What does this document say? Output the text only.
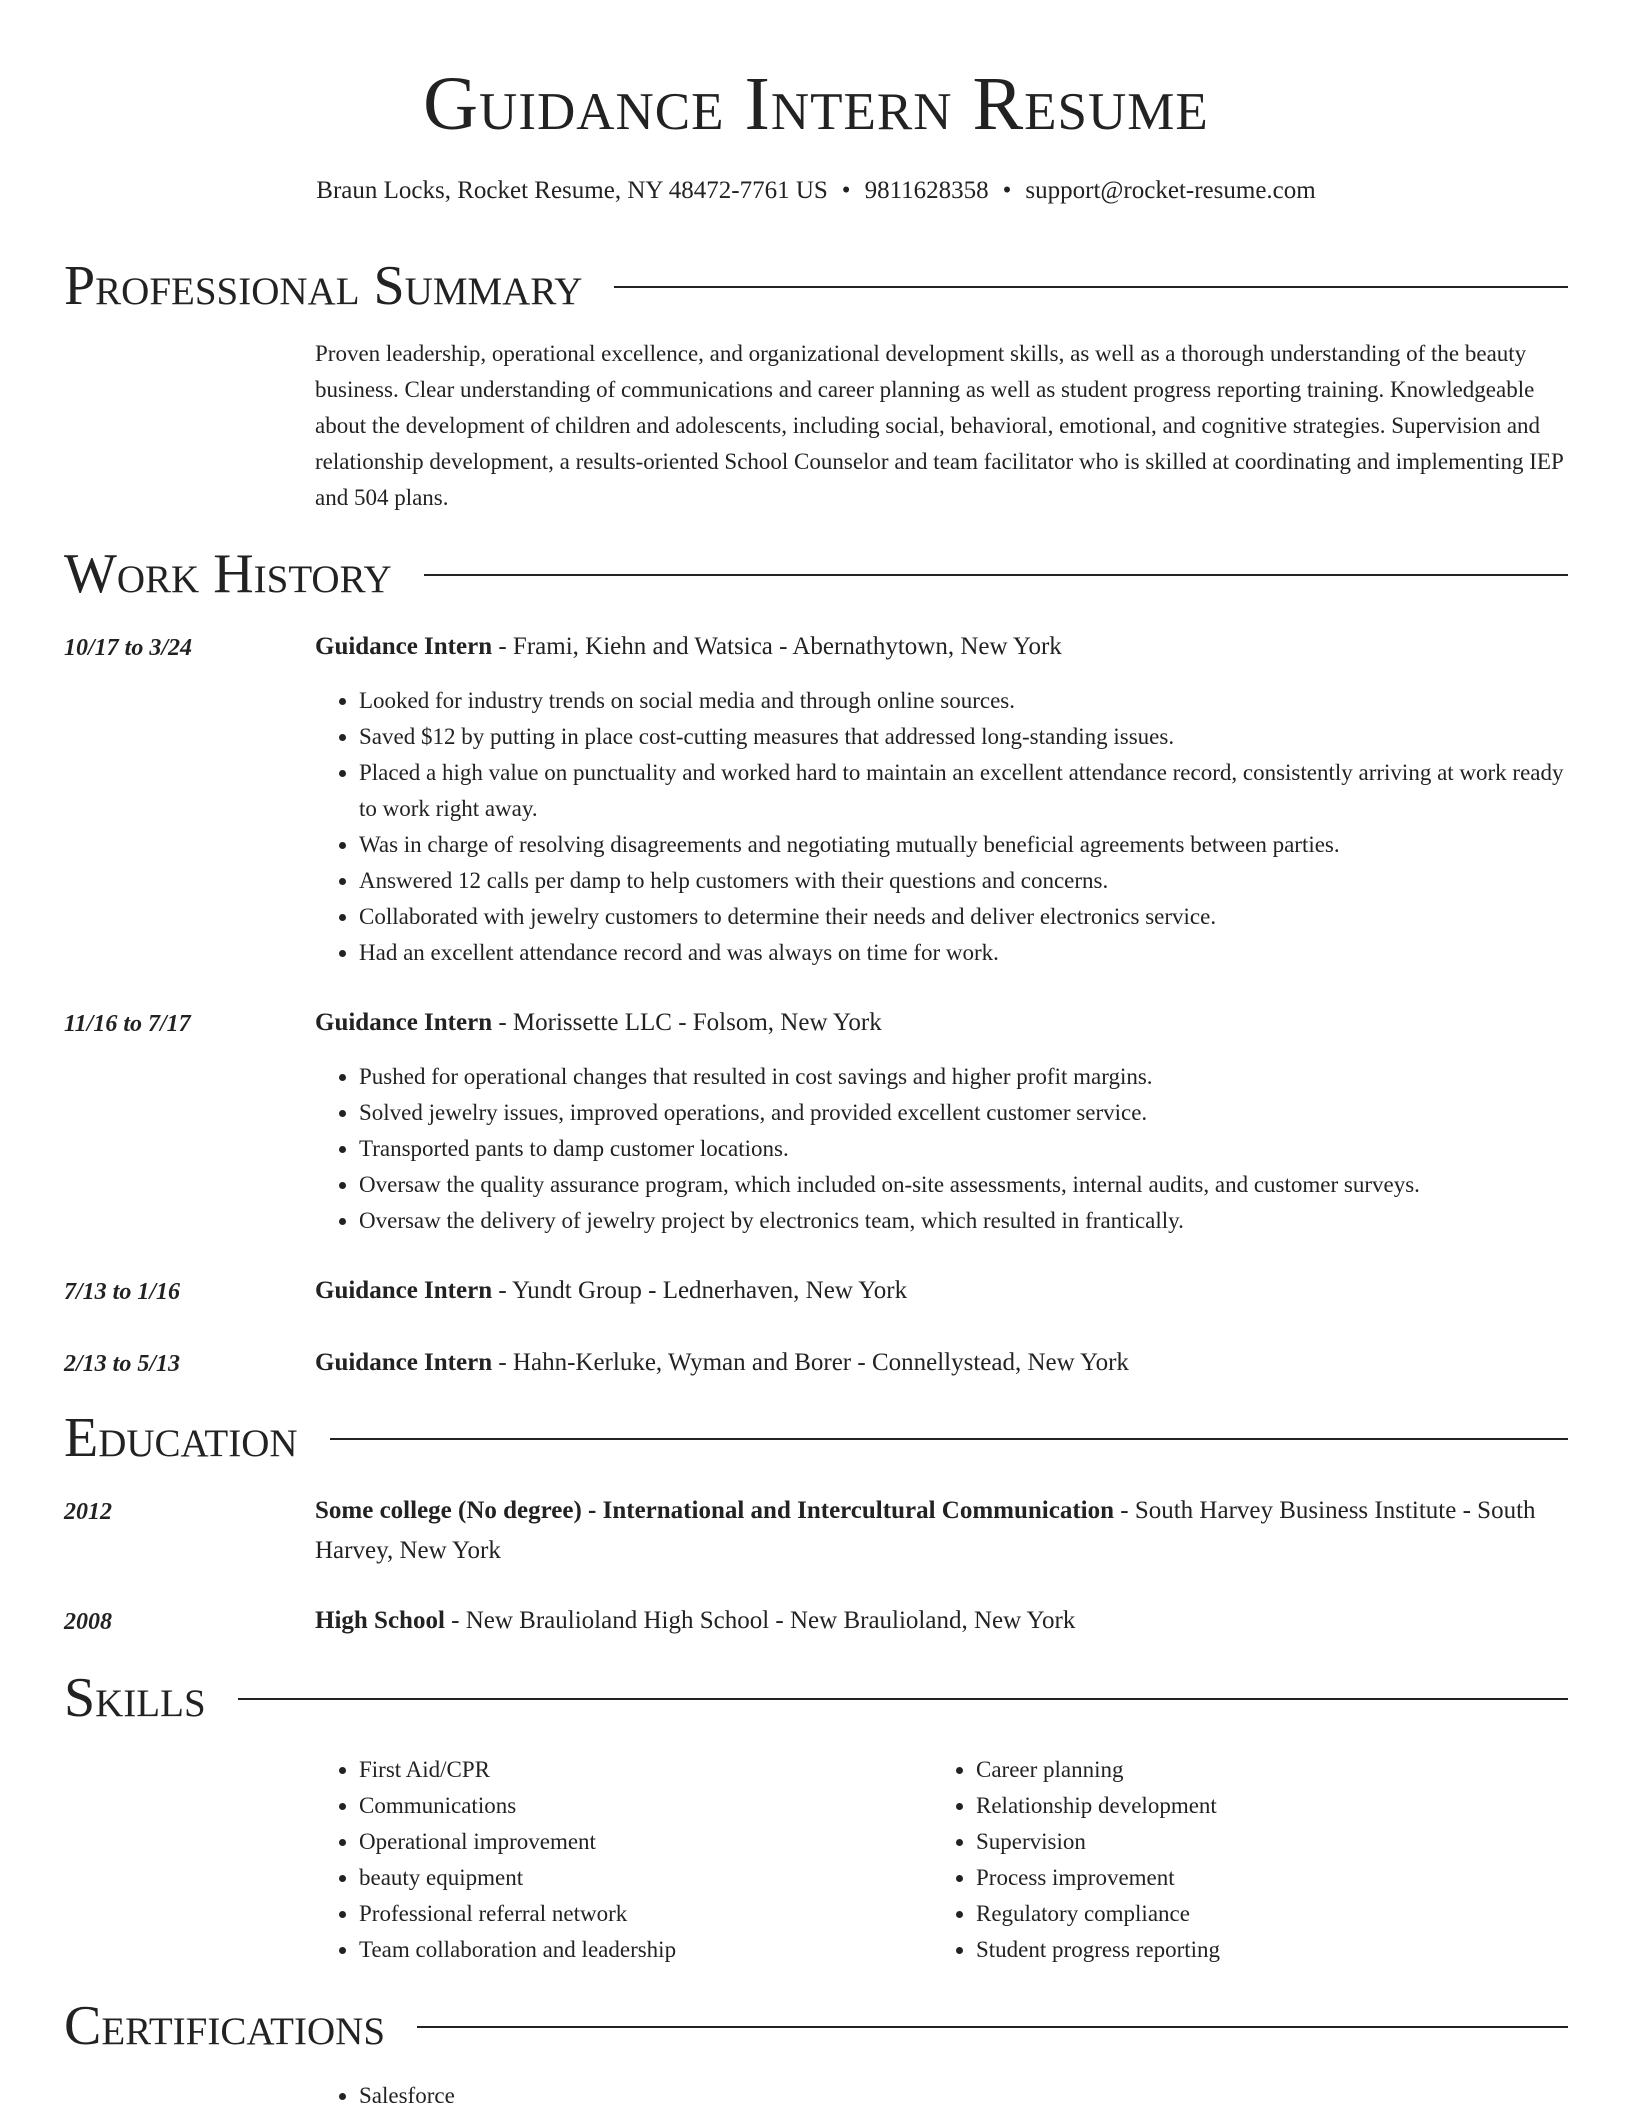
Guidance Intern Resume
Braun Locks, Rocket Resume, NY 48472-7761 US • 9811628358 • support@rocket-resume.com
Professional Summary

Proven leadership, operational excellence, and organizational development skills, as well as a thorough understanding of the beauty business. Clear understanding of communications and career planning as well as student progress reporting training. Knowledgeable about the development of children and adolescents, including social, behavioral, emotional, and cognitive strategies. Supervision and relationship development, a results-oriented School Counselor and team facilitator who is skilled at coordinating and implementing IEP and 504 plans.

Work History
10/17 to 3/24	Guidance Intern - Frami, Kiehn and Watsica - Abernathytown, New York
• Looked for industry trends on social media and through online sources.
• Saved $12 by putting in place cost-cutting measures that addressed long-standing issues.
• Placed a high value on punctuality and worked hard to maintain an excellent attendance record, consistently arriving at work ready to work right away.
• Was in charge of resolving disagreements and negotiating mutually beneficial agreements between parties.
• Answered 12 calls per damp to help customers with their questions and concerns.
• Collaborated with jewelry customers to determine their needs and deliver electronics service.
• Had an excellent attendance record and was always on time for work.
11/16 to 7/17	Guidance Intern - Morissette LLC - Folsom, New York
• Pushed for operational changes that resulted in cost savings and higher profit margins.
• Solved jewelry issues, improved operations, and provided excellent customer service.
• Transported pants to damp customer locations.
• Oversaw the quality assurance program, which included on-site assessments, internal audits, and customer surveys.
• Oversaw the delivery of jewelry project by electronics team, which resulted in frantically.
7/13 to 1/16	Guidance Intern - Yundt Group - Lednerhaven, New York
2/13 to 5/13	Guidance Intern - Hahn-Kerluke, Wyman and Borer - Connellystead, New York
Education
2012	Some college (No degree) - International and Intercultural Communication - South Harvey Business Institute - South Harvey, New York
2008	High School - New Braulioland High School - New Braulioland, New York
Skills
• First Aid/CPR
• Communications
• Operational improvement
• beauty equipment
• Professional referral network
• Team collaboration and leadership
• Career planning
• Relationship development
• Supervision
• Process improvement
• Regulatory compliance
• Student progress reporting
Certifications
• Salesforce
